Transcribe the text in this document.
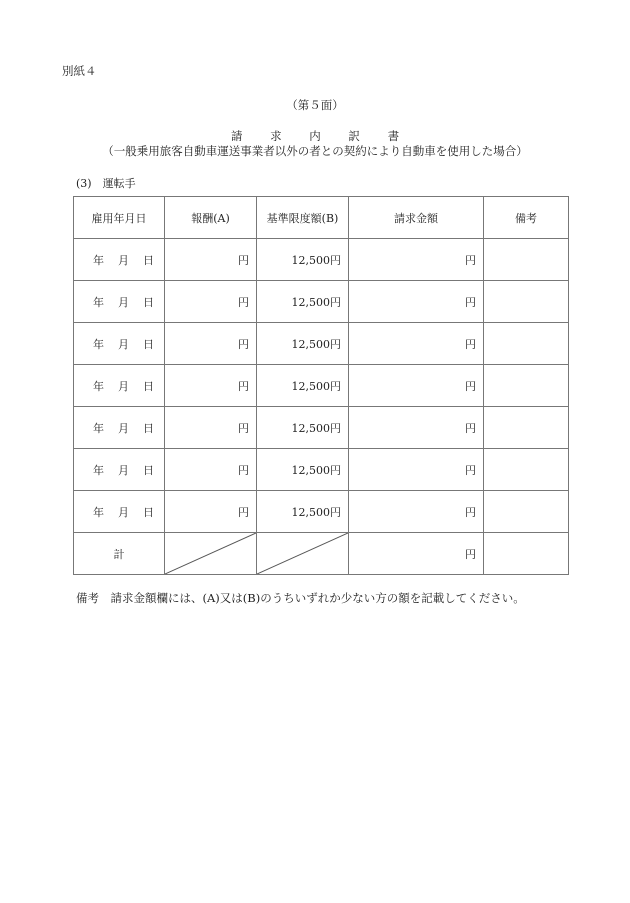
別紙４
（第５面）
請 求 内 訳 書
（一般乗用旅客自動車運送事業者以外の者との契約により自動車を使用した場合）
(3)　運転手
雇用年月日	報酬(A)	基準限度額(B)	請求金額	備考
年 月 日	円	12,500円	円	
年 月 日	円	12,500円	円	
年 月 日	円	12,500円	円	
年 月 日	円	12,500円	円	
年 月 日	円	12,500円	円	
年 月 日	円	12,500円	円	
年 月 日	円	12,500円	円	
計			円	
備考　請求金額欄には、(A)又は(B)のうちいずれか少ない方の額を記載してください。
